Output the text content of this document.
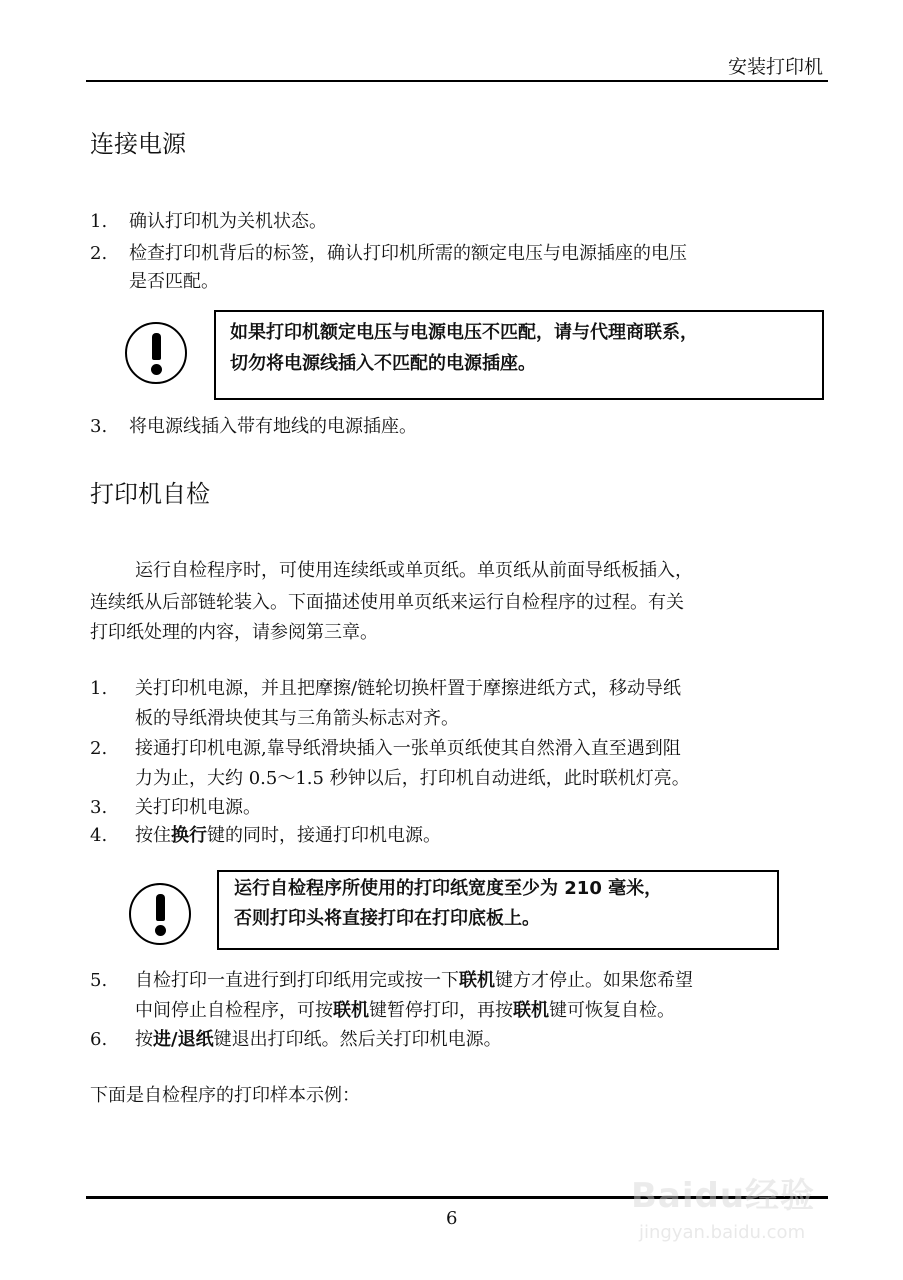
安装打印机
连接电源
1. 确认打印机为关机状态。
2. 检查打印机背后的标签，确认打印机所需的额定电压与电源插座的电压
是否匹配。
如果打印机额定电压与电源电压不匹配，请与代理商联系，
切勿将电源线插入不匹配的电源插座。
3. 将电源线插入带有地线的电源插座。
打印机自检
运行自检程序时，可使用连续纸或单页纸。单页纸从前面导纸板插入，
连续纸从后部链轮装入。下面描述使用单页纸来运行自检程序的过程。有关
打印纸处理的内容，请参阅第三章。
1. 关打印机电源，并且把摩擦/链轮切换杆置于摩擦进纸方式，移动导纸
板的导纸滑块使其与三角箭头标志对齐。
2. 接通打印机电源,靠导纸滑块插入一张单页纸使其自然滑入直至遇到阻
力为止，大约 0.5～1.5 秒钟以后，打印机自动进纸，此时联机灯亮。
3. 关打印机电源。
4. 按住换行键的同时，接通打印机电源。
运行自检程序所使用的打印纸宽度至少为 210 毫米，
否则打印头将直接打印在打印底板上。
5. 自检打印一直进行到打印纸用完或按一下联机键方才停止。如果您希望
中间停止自检程序，可按联机键暂停打印，再按联机键可恢复自检。
6. 按进/退纸键退出打印纸。然后关打印机电源。
下面是自检程序的打印样本示例：
6
Baidu经验
jingyan.baidu.com
